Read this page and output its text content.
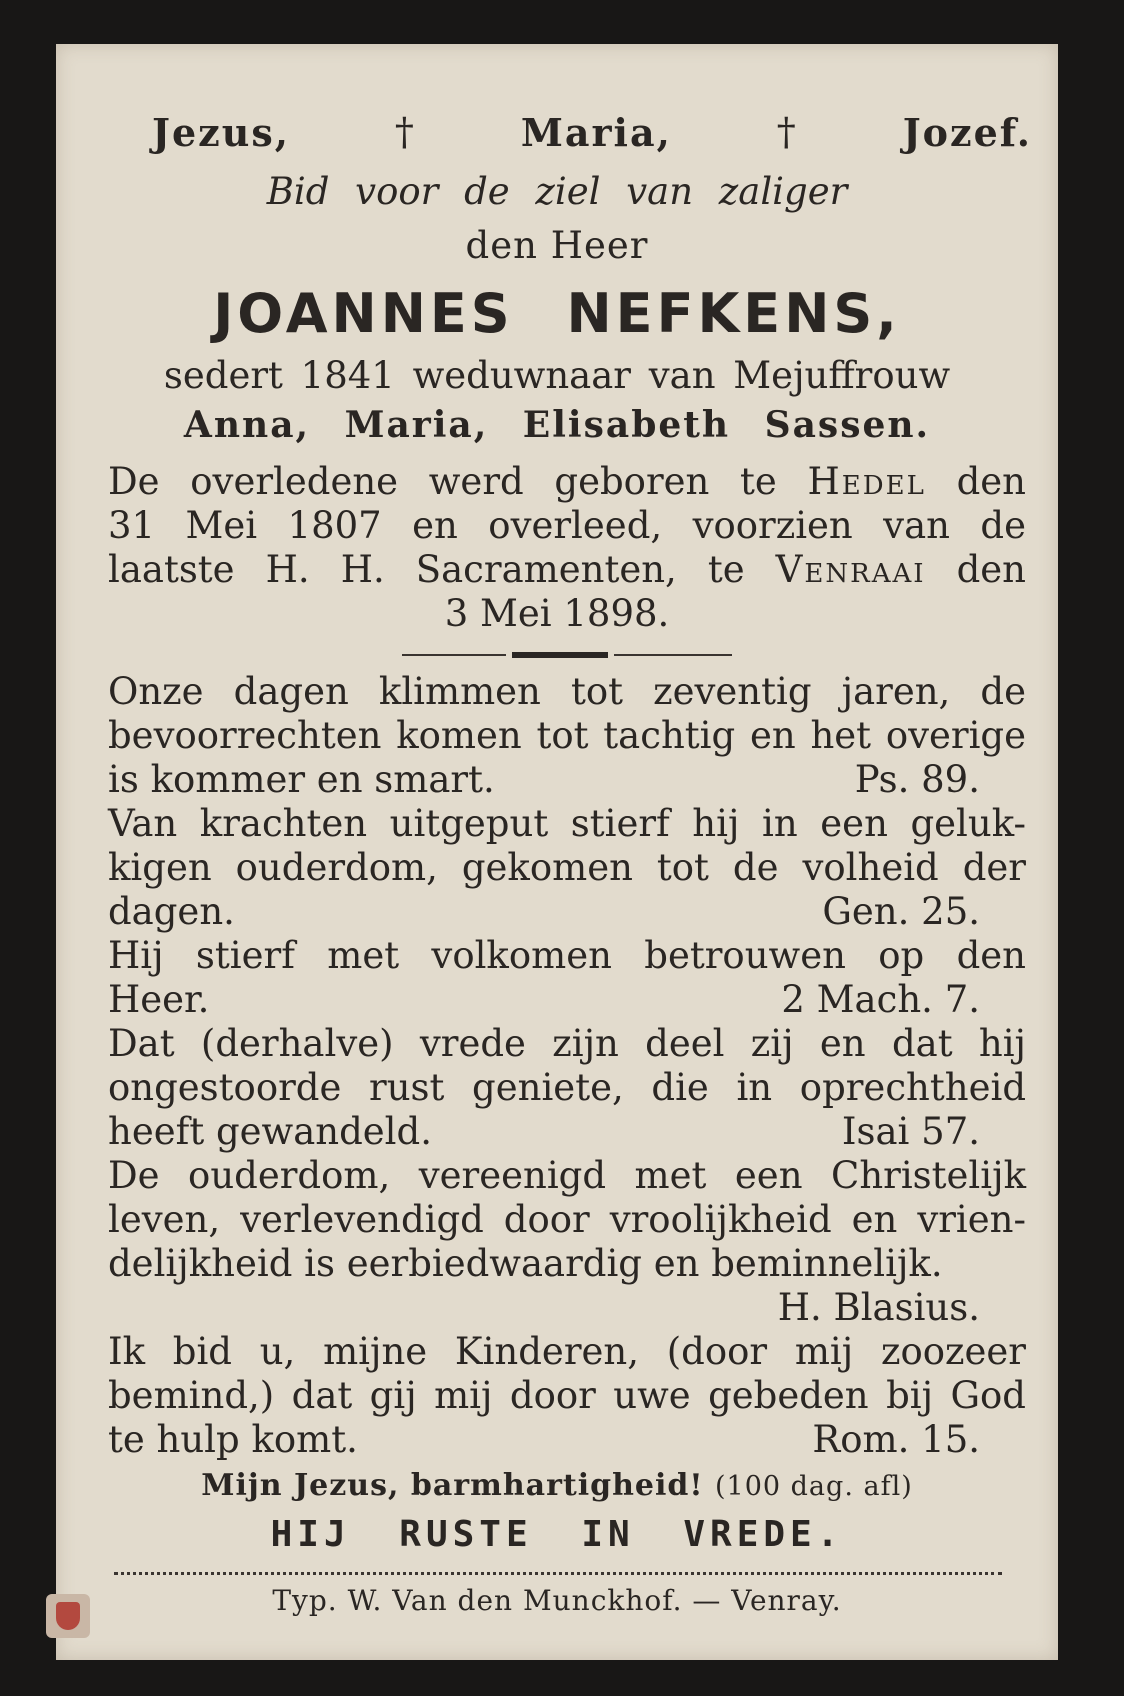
Jezus,	†	Maria,	†	Jozef.
Bid voor de ziel van zaliger
den Heer
JOANNES NEFKENS,
sedert 1841 weduwnaar van Mejuffrouw
Anna, Maria, Elisabeth Sassen.
De overledene werd geboren te Hedel den
31 Mei 1807 en overleed, voorzien van de
laatste H. H. Sacramenten, te Venraai den
3 Mei 1898.
Onze dagen klimmen tot zeventig jaren, de
bevoorrechten komen tot tachtig en het overige
is kommer en smart.	Ps. 89.
Van krachten uitgeput stierf hij in een geluk-
kigen ouderdom, gekomen tot de volheid der
dagen.	Gen. 25.
Hij stierf met volkomen betrouwen op den
Heer.	2 Mach. 7.
Dat (derhalve) vrede zijn deel zij en dat hij
ongestoorde rust geniete, die in oprechtheid
heeft gewandeld.	Isai 57.
De ouderdom, vereenigd met een Christelijk
leven, verlevendigd door vroolijkheid en vrien-
delijkheid is eerbiedwaardig en beminnelijk.
H. Blasius.
Ik bid u, mijne Kinderen, (door mij zoozeer
bemind,) dat gij mij door uwe gebeden bij God
te hulp komt.	Rom. 15.
Mijn Jezus, barmhartigheid! (100 dag. afl)
HIJ RUSTE IN VREDE.
Typ. W. Van den Munckhof. — Venray.
